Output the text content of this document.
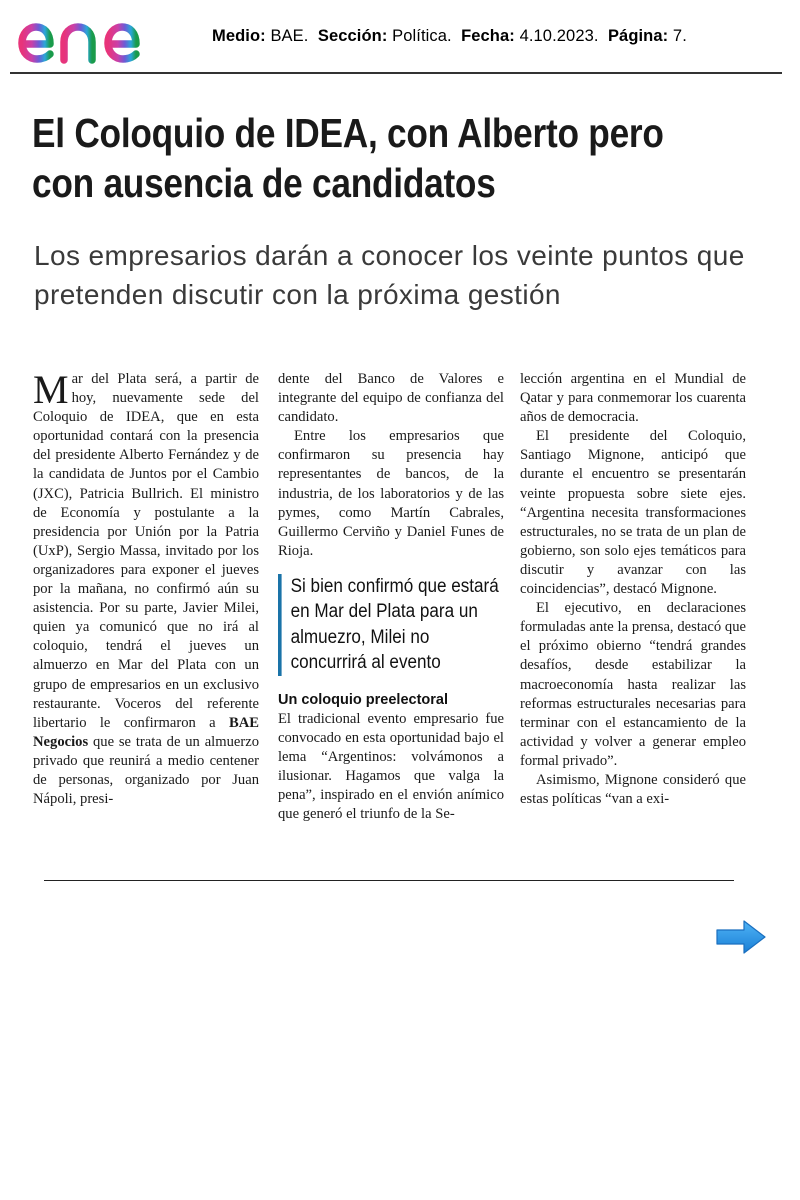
Medio: BAE. Sección: Política. Fecha: 4.10.2023. Página: 7.
El Coloquio de IDEA, con Alberto pero con ausencia de candidatos
Los empresarios darán a conocer los veinte puntos que pretenden discutir con la próxima gestión

Mar del Plata será, a partir de hoy, nuevamente sede del Coloquio de IDEA, que en esta oportunidad contará con la presencia del presidente Alberto Fernández y de la candidata de Juntos por el Cambio (JXC), Patricia Bullrich. El ministro de Economía y postulante a la presidencia por Unión por la Patria (UxP), Sergio Massa, invitado por los organizadores para exponer el jueves por la mañana, no confirmó aún su asistencia. Por su parte, Javier Milei, quien ya comunicó que no irá al coloquio, tendrá el jueves un almuerzo en Mar del Plata con un grupo de empresarios en un exclusivo restaurante. Voceros del referente libertario le confirmaron a BAE Negocios que se trata de un almuerzo privado que reunirá a medio centener de personas, organizado por Juan Nápoli, presi-

dente del Banco de Valores e integrante del equipo de confianza del candidato.

Entre los empresarios que confirmaron su presencia hay representantes de bancos, de la industria, de los laboratorios y de las pymes, como Martín Cabrales, Guillermo Cerviño y Daniel Funes de Rioja.

Si bien confirmó que estará en Mar del Plata para un almuezro, Milei no concurrirá al evento

Un coloquio preelectoral

El tradicional evento empresario fue convocado en esta oportunidad bajo el lema “Argentinos: volvámonos a ilusionar. Hagamos que valga la pena”, inspirado en el envión anímico que generó el triunfo de la Se-

lección argentina en el Mundial de Qatar y para conmemorar los cuarenta años de democracia.

El presidente del Coloquio, Santiago Mignone, anticipó que durante el encuentro se presentarán veinte propuesta sobre siete ejes. “Argentina necesita transformaciones estructurales, no se trata de un plan de gobierno, son solo ejes temáticos para discutir y avanzar con las coincidencias”, destacó Mignone.

El ejecutivo, en declaraciones formuladas ante la prensa, destacó que el próximo obierno “tendrá grandes desafíos, desde estabilizar la macroeconomía hasta realizar las reformas estructurales necesarias para terminar con el estancamiento de la actividad y volver a generar empleo formal privado”.

Asimismo, Mignone consideró que estas políticas “van a exi-
